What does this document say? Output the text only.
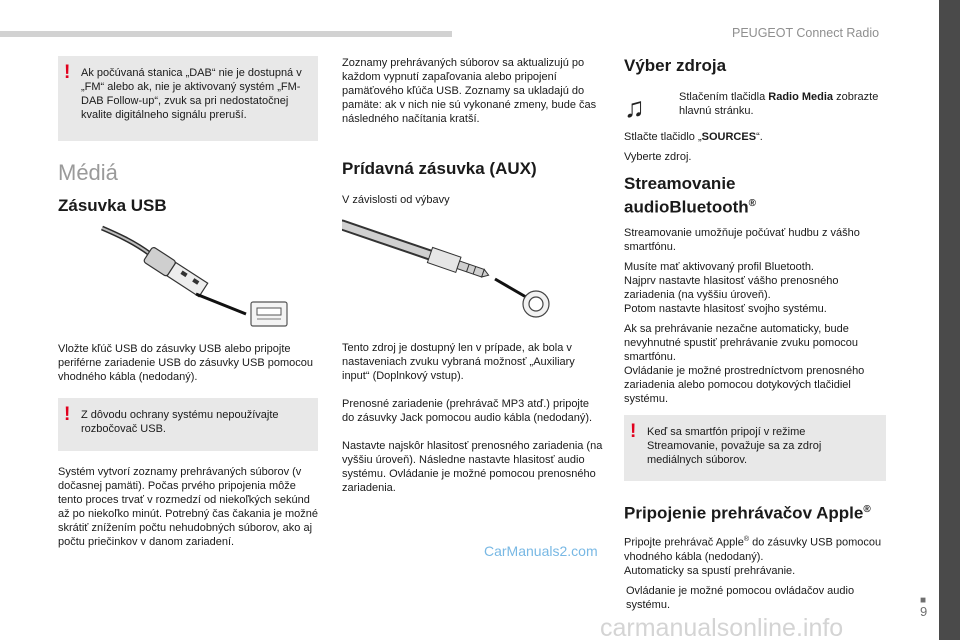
PEUGEOT Connect Radio
■
9
! Ak počúvaná stanica „DAB“ nie je dostupná v „FM“ alebo ak, nie je aktivovaný systém „FM-DAB Follow-up“, zvuk sa pri nedostatočnej kvalite digitálneho signálu preruší.

Médiá
Zásuvka USB

Vložte kľúč USB do zásuvky USB alebo pripojte periférne zariadenie USB do zásuvky USB pomocou vhodného kábla (nedodaný).

! Z dôvodu ochrany systému nepoužívajte rozbočovač USB.

Systém vytvorí zoznamy prehrávaných súborov (v dočasnej pamäti). Počas prvého pripojenia môže tento proces trvať v rozmedzí od niekoľkých sekúnd až po niekoľko minút. Potrebný čas čakania je možné skrátiť znížením počtu nehudobných súborov, ako aj počtu priečinkov v danom zariadení.

Zoznamy prehrávaných súborov sa aktualizujú po každom vypnutí zapaľovania alebo pripojení pamäťového kľúča USB. Zoznamy sa ukladajú do pamäte: ak v nich nie sú vykonané zmeny, bude čas následného načítania kratší.

Prídavná zásuvka (AUX)

V závislosti od výbavy

Tento zdroj je dostupný len v prípade, ak bola v nastaveniach zvuku vybraná možnosť „Auxiliary input“ (Doplnkový vstup).

Prenosné zariadenie (prehrávač MP3 atď.) pripojte do zásuvky Jack pomocou audio kábla (nedodaný).

Nastavte najskôr hlasitosť prenosného zariadenia (na vyššiu úroveň). Následne nastavte hlasitosť audio systému. Ovládanie je možné pomocou prenosného zariadenia.

Výber zdroja
♫	Stlačením tlačidla Radio Media zobrazte hlavnú stránku.

Stlačte tlačidlo „SOURCES“.

Vyberte zdroj.

Streamovanie
audioBluetooth®

Streamovanie umožňuje počúvať hudbu z vášho smartfónu.

Musíte mať aktivovaný profil Bluetooth.
Najprv nastavte hlasitosť vášho prenosného zariadenia (na vyššiu úroveň).
Potom nastavte hlasitosť svojho systému.

Ak sa prehrávanie nezačne automaticky, bude nevyhnutné spustiť prehrávanie zvuku pomocou smartfónu.
Ovládanie je možné prostredníctvom prenosného zariadenia alebo pomocou dotykových tlačidiel systému.

! Keď sa smartfón pripojí v režime Streamovanie, považuje sa za zdroj mediálnych súborov.

Pripojenie prehrávačov Apple®

Pripojte prehrávač Apple® do zásuvky USB pomocou vhodného kábla (nedodaný).
Automaticky sa spustí prehrávanie.

Ovládanie je možné pomocou ovládačov audio systému.

CarManuals2.com
carmanualsonline.info
